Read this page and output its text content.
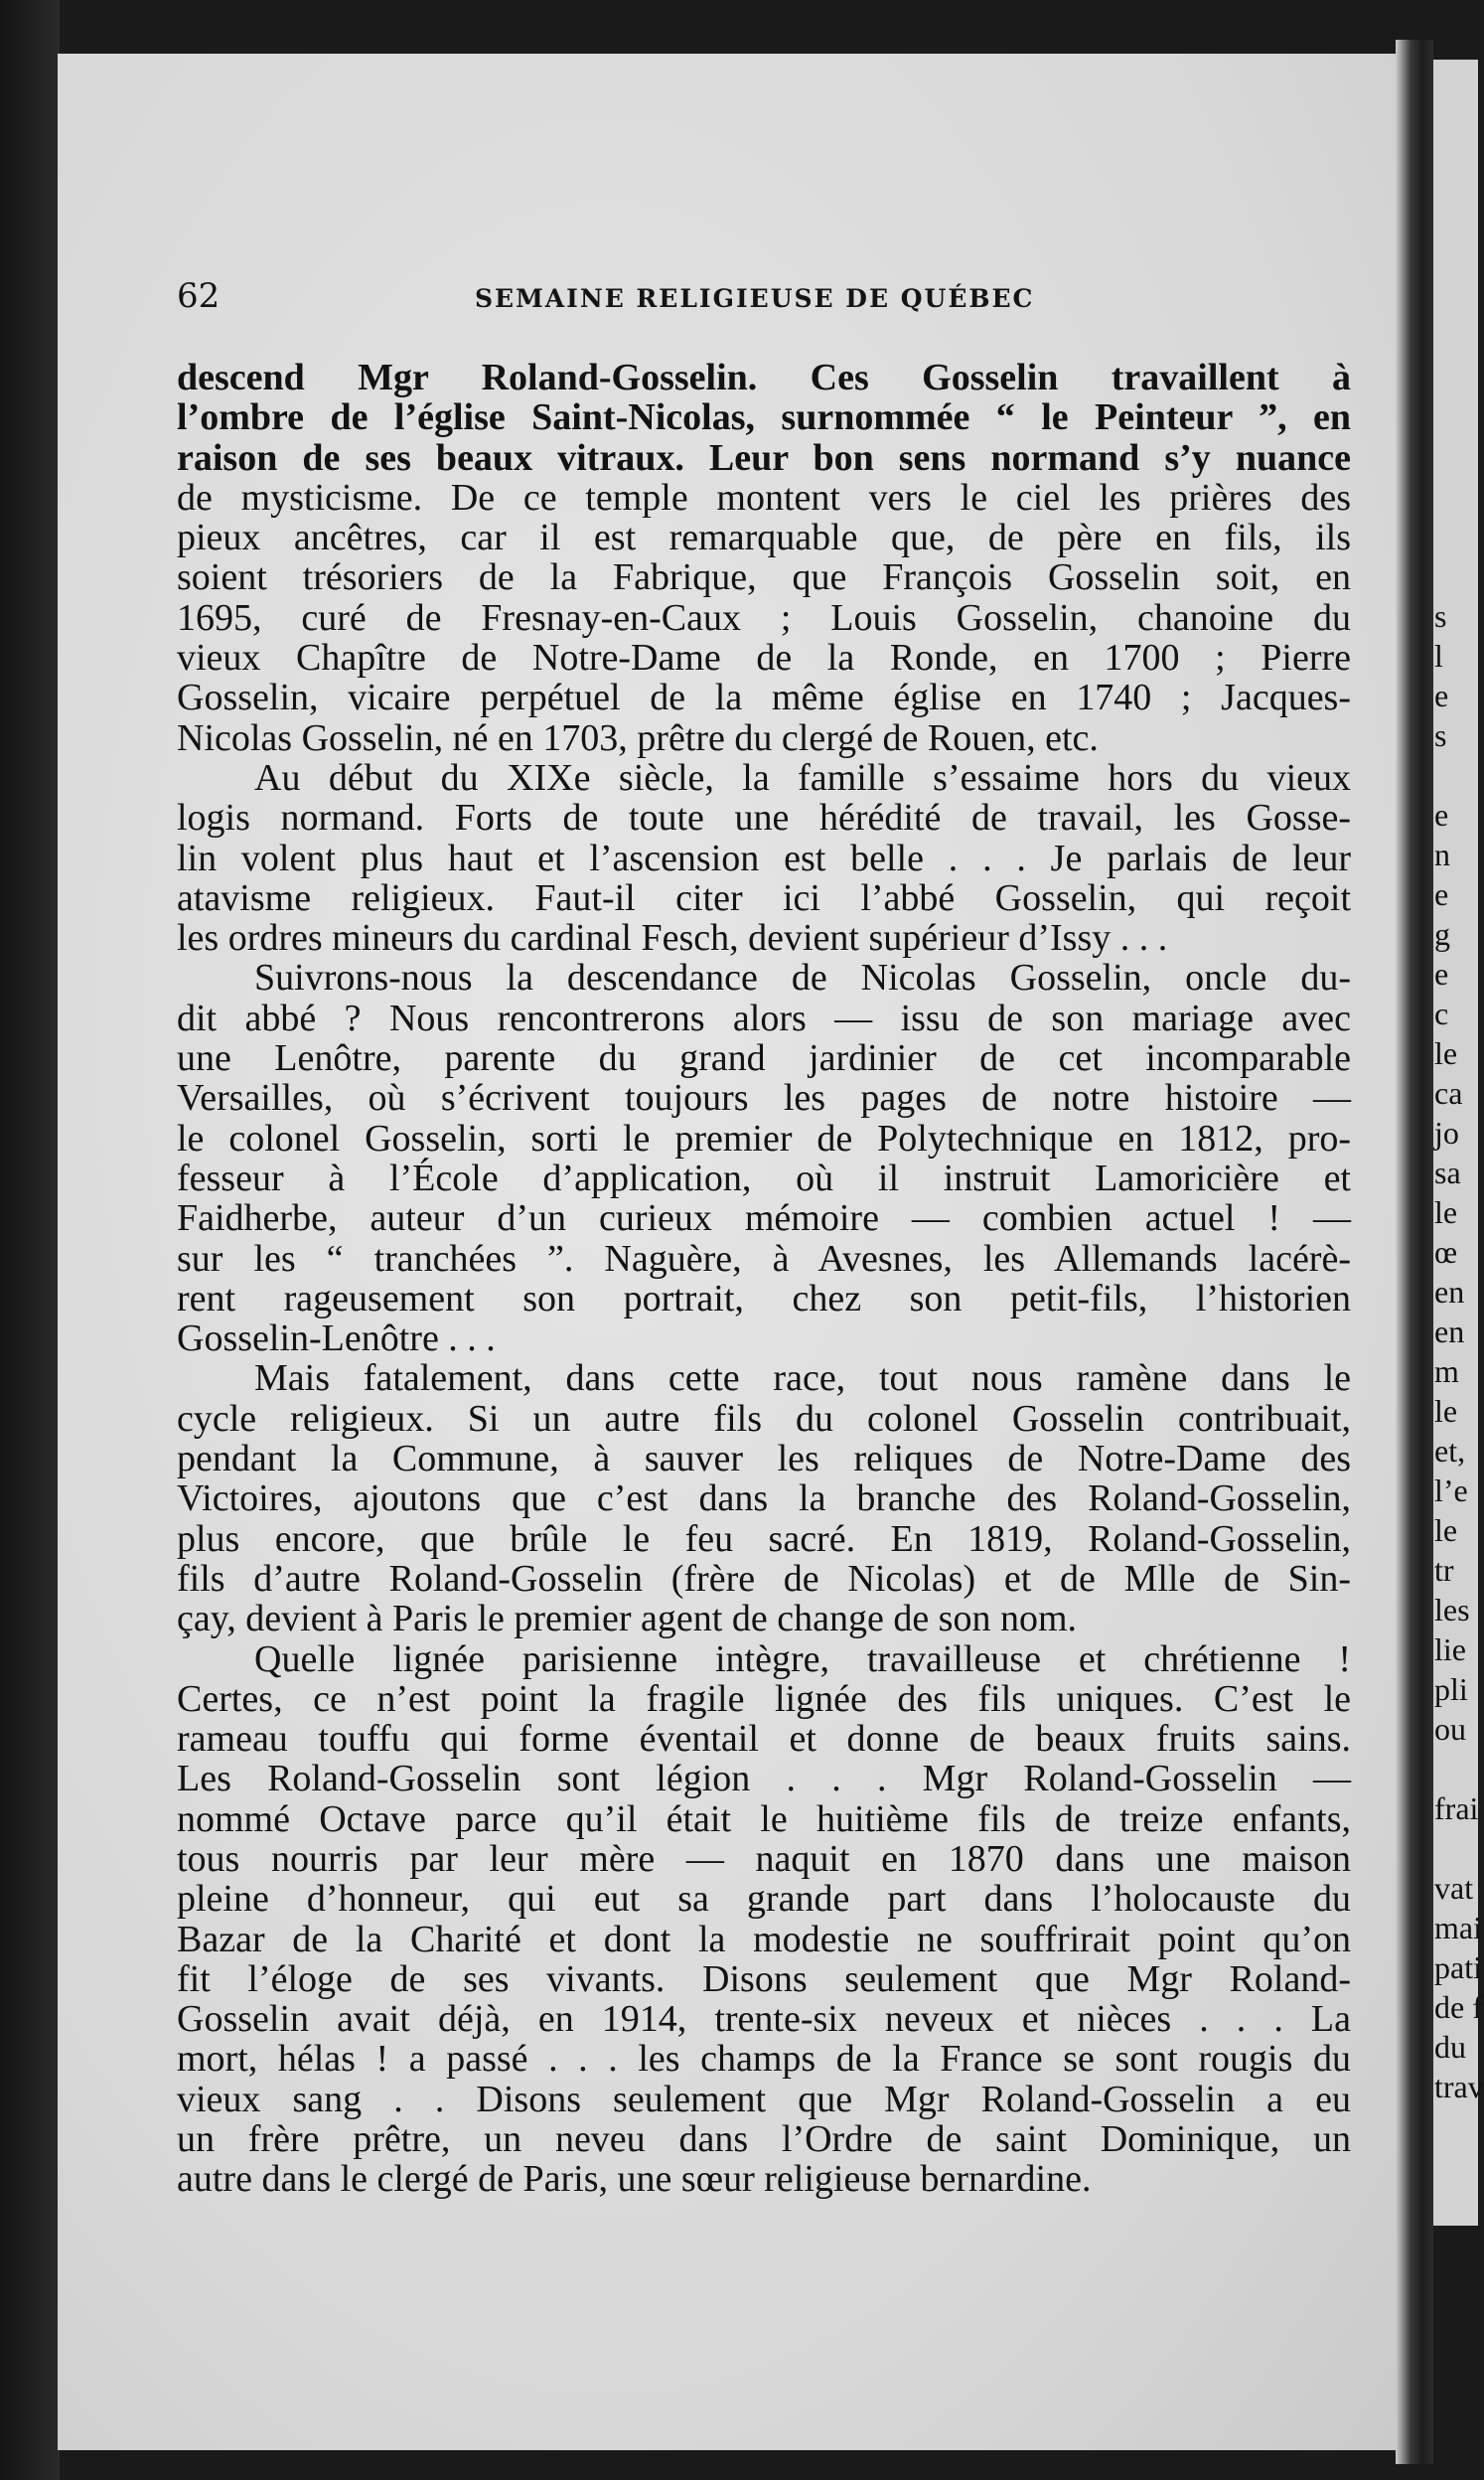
62	SEMAINE RELIGIEUSE DE QUÉBEC
descend Mgr Roland-Gosselin. Ces Gosselin travaillent à
l’ombre de l’église Saint-Nicolas, surnommée “ le Peinteur ”, en
raison de ses beaux vitraux. Leur bon sens normand s’y nuance
de mysticisme. De ce temple montent vers le ciel les prières des
pieux ancêtres, car il est remarquable que, de père en fils, ils
soient trésoriers de la Fabrique, que François Gosselin soit, en
1695, curé de Fresnay-en-Caux ; Louis Gosselin, chanoine du
vieux Chapître de Notre-Dame de la Ronde, en 1700 ; Pierre
Gosselin, vicaire perpétuel de la même église en 1740 ; Jacques-
Nicolas Gosselin, né en 1703, prêtre du clergé de Rouen, etc.
Au début du XIXe siècle, la famille s’essaime hors du vieux
logis normand. Forts de toute une hérédité de travail, les Gosse-
lin volent plus haut et l’ascension est belle . . . Je parlais de leur
atavisme religieux. Faut-il citer ici l’abbé Gosselin, qui reçoit
les ordres mineurs du cardinal Fesch, devient supérieur d’Issy . . .
Suivrons-nous la descendance de Nicolas Gosselin, oncle du-
dit abbé ? Nous rencontrerons alors — issu de son mariage avec
une Lenôtre, parente du grand jardinier de cet incomparable
Versailles, où s’écrivent toujours les pages de notre histoire —
le colonel Gosselin, sorti le premier de Polytechnique en 1812, pro-
fesseur à l’École d’application, où il instruit Lamoricière et
Faidherbe, auteur d’un curieux mémoire — combien actuel ! —
sur les “ tranchées ”. Naguère, à Avesnes, les Allemands lacérè-
rent rageusement son portrait, chez son petit-fils, l’historien
Gosselin-Lenôtre . . .
Mais fatalement, dans cette race, tout nous ramène dans le
cycle religieux. Si un autre fils du colonel Gosselin contribuait,
pendant la Commune, à sauver les reliques de Notre-Dame des
Victoires, ajoutons que c’est dans la branche des Roland-Gosselin,
plus encore, que brûle le feu sacré. En 1819, Roland-Gosselin,
fils d’autre Roland-Gosselin (frère de Nicolas) et de Mlle de Sin-
çay, devient à Paris le premier agent de change de son nom.
Quelle lignée parisienne intègre, travailleuse et chrétienne !
Certes, ce n’est point la fragile lignée des fils uniques. C’est le
rameau touffu qui forme éventail et donne de beaux fruits sains.
Les Roland-Gosselin sont légion . . . Mgr Roland-Gosselin —
nommé Octave parce qu’il était le huitième fils de treize enfants,
tous nourris par leur mère — naquit en 1870 dans une maison
pleine d’honneur, qui eut sa grande part dans l’holocauste du
Bazar de la Charité et dont la modestie ne souffrirait point qu’on
fit l’éloge de ses vivants. Disons seulement que Mgr Roland-
Gosselin avait déjà, en 1914, trente-six neveux et nièces . . . La
mort, hélas ! a passé . . . les champs de la France se sont rougis du
vieux sang . . Disons seulement que Mgr Roland-Gosselin a eu
un frère prêtre, un neveu dans l’Ordre de saint Dominique, un
autre dans le clergé de Paris, une sœur religieuse bernardine.
s
l
e
s
e
n
e
g
e
c
le
ca
jo
sa
le
œ
en
en
m
le
et,
l’e
le
tr
les
lie
pli
ou
frai
vat
mai
pati
de f
du
trav
